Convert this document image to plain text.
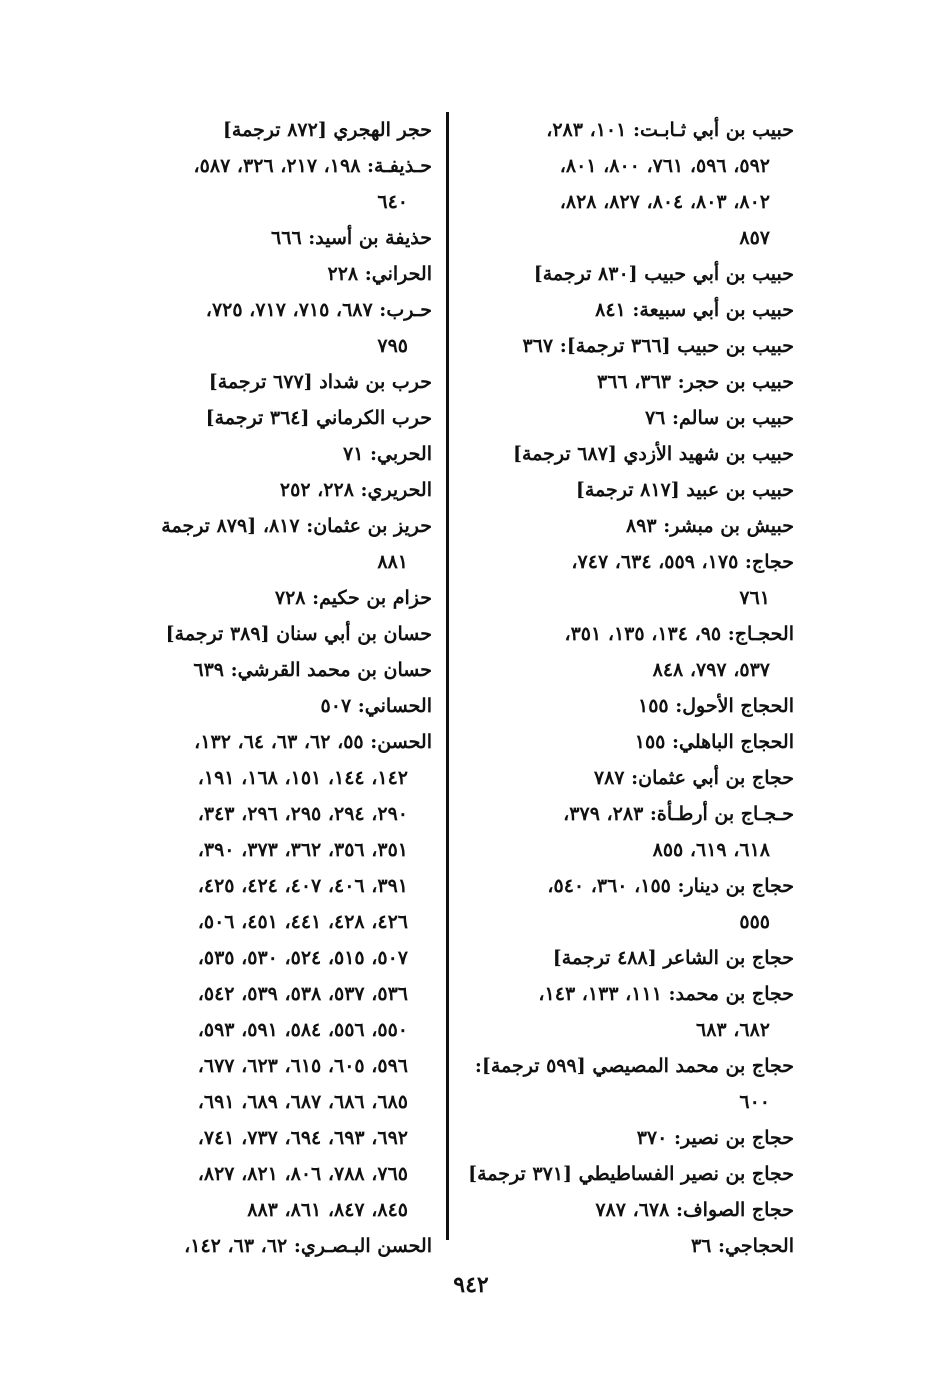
حبيب بن أبي ثـابـت: ١٠١، ٢٨٣،
٥٩٢، ٥٩٦، ٧٦١، ٨٠٠، ٨٠١،
٨٠٢، ٨٠٣، ٨٠٤، ٨٢٧، ٨٢٨،
٨٥٧

حبيب بن أبي حبيب [٨٣٠ ترجمة]

حبيب بن أبي سبيعة: ٨٤١

حبيب بن حبيب [٣٦٦ ترجمة]: ٣٦٧

حبيب بن حجر: ٣٦٣، ٣٦٦

حبيب بن سالم: ٧٦

حبيب بن شهيد الأزدي [٦٨٧ ترجمة]

حبيب بن عبيد [٨١٧ ترجمة]

حبيش بن مبشر: ٨٩٣

حجاج: ١٧٥، ٥٥٩، ٦٣٤، ٧٤٧،
٧٦١

الحجـاج: ٩٥، ١٣٤، ١٣٥، ٣٥١،
٥٣٧، ٧٩٧، ٨٤٨

الحجاج الأحول: ١٥٥

الحجاج الباهلي: ١٥٥

حجاج بن أبي عثمان: ٧٨٧

حـجـاج بن أرطـأة: ٢٨٣، ٣٧٩،
٦١٨، ٦١٩، ٨٥٥

حجاج بن دينار: ١٥٥، ٣٦٠، ٥٤٠،
٥٥٥

حجاج بن الشاعر [٤٨٨ ترجمة]

حجاج بن محمد: ١١١، ١٣٣، ١٤٣،
٦٨٢، ٦٨٣

حجاج بن محمد المصيصي [٥٩٩ ترجمة]:
٦٠٠

حجاج بن نصير: ٣٧٠

حجاج بن نصير الفساطيطي [٣٧١ ترجمة]

حجاج الصواف: ٦٧٨، ٧٨٧

الحجاجي: ٣٦

حجر الهجري [٨٧٢ ترجمة]

حـذيفـة: ١٩٨، ٢١٧، ٣٢٦، ٥٨٧،
٦٤٠

حذيفة بن أسيد: ٦٦٦

الحراني: ٢٢٨

حـرب: ٦٨٧، ٧١٥، ٧١٧، ٧٢٥،
٧٩٥

حرب بن شداد [٦٧٧ ترجمة]

حرب الكرماني [٣٦٤ ترجمة]

الحربي: ٧١

الحريري: ٢٢٨، ٢٥٢

حريز بن عثمان: ٨١٧، [٨٧٩ ترجمة
٨٨١

حزام بن حكيم: ٧٢٨

حسان بن أبي سنان [٣٨٩ ترجمة]

حسان بن محمد القرشي: ٦٣٩

الحساني: ٥٠٧

الحسن: ٥٥، ٦٢، ٦٣، ٦٤، ١٣٢،
١٤٢، ١٤٤، ١٥١، ١٦٨، ١٩١،
٢٩٠، ٢٩٤، ٢٩٥، ٢٩٦، ٣٤٣،
٣٥١، ٣٥٦، ٣٦٢، ٣٧٣، ٣٩٠،
٣٩١، ٤٠٦، ٤٠٧، ٤٢٤، ٤٢٥،
٤٢٦، ٤٢٨، ٤٤١، ٤٥١، ٥٠٦،
٥٠٧، ٥١٥، ٥٢٤، ٥٣٠، ٥٣٥،
٥٣٦، ٥٣٧، ٥٣٨، ٥٣٩، ٥٤٢،
٥٥٠، ٥٥٦، ٥٨٤، ٥٩١، ٥٩٣،
٥٩٦، ٦٠٥، ٦١٥، ٦٢٣، ٦٧٧،
٦٨٥، ٦٨٦، ٦٨٧، ٦٨٩، ٦٩١،
٦٩٢، ٦٩٣، ٦٩٤، ٧٣٧، ٧٤١،
٧٦٥، ٧٨٨، ٨٠٦، ٨٢١، ٨٢٧،
٨٤٥، ٨٤٧، ٨٦١، ٨٨٣

الحسن البـصـري: ٦٢، ٦٣، ١٤٢،

٩٤٢
